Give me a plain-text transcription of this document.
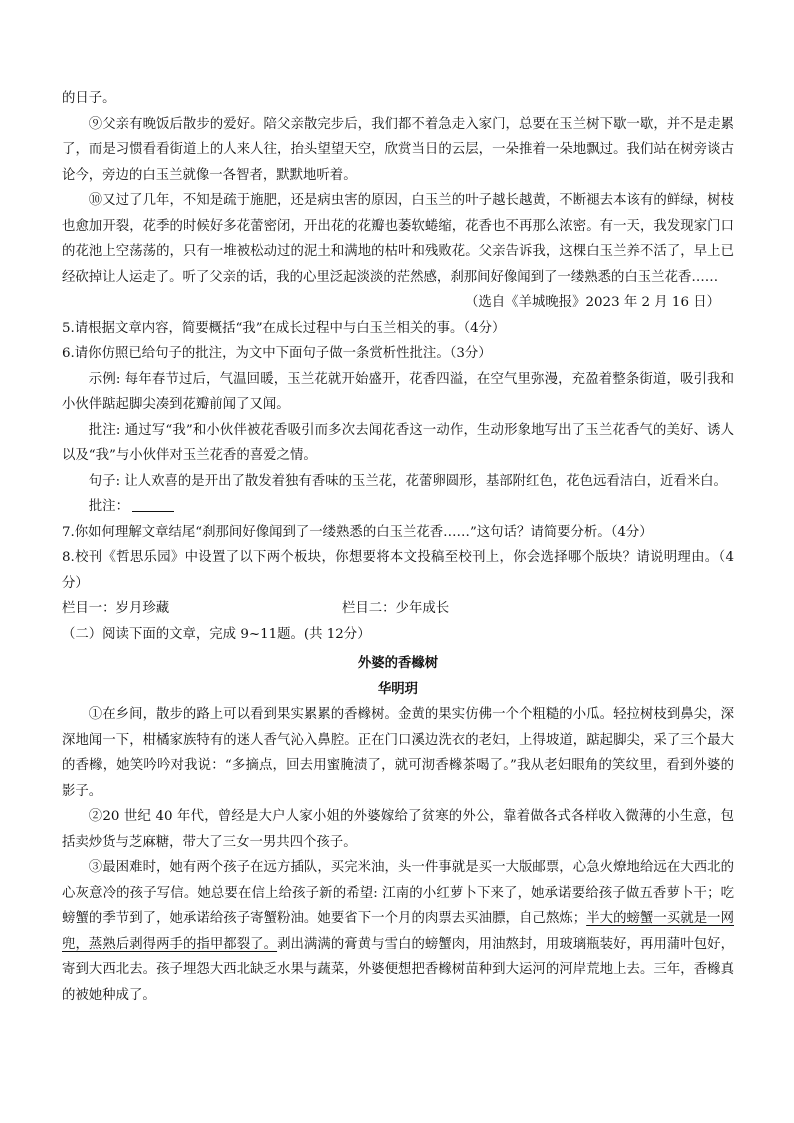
的日子。

⑨父亲有晚饭后散步的爱好。陪父亲散完步后，我们都不着急走入家门，总要在玉兰树下歇一歇，并不是走累了，而是习惯看看街道上的人来人往，抬头望望天空，欣赏当日的云层，一朵推着一朵地飘过。我们站在树旁谈古论今，旁边的白玉兰就像一各智者，默默地听着。

⑩又过了几年，不知是疏于施肥，还是病虫害的原因，白玉兰的叶子越长越黄，不断褪去本该有的鲜绿，树枝也愈加开裂，花季的时候好多花蕾密闭，开出花的花瓣也萎软蜷缩，花香也不再那么浓密。有一天，我发现家门口的花池上空荡荡的，只有一堆被松动过的泥土和满地的枯叶和残败花。父亲告诉我，这棵白玉兰养不活了，早上已经砍掉让人运走了。听了父亲的话，我的心里泛起淡淡的茫然感，刹那间好像闻到了一缕熟悉的白玉兰花香……

（选自《羊城晚报》2023 年 2 月 16 日）

5.请根据文章内容，简要概括“我”在成长过程中与白玉兰相关的事。（4分）

6.请你仿照已给句子的批注，为文中下面句子做一条赏析性批注。（3分）

示例: 每年春节过后，气温回暖，玉兰花就开始盛开，花香四溢，在空气里弥漫，充盈着整条街道，吸引我和小伙伴踮起脚尖凑到花瓣前闻了又闻。

批注: 通过写“我”和小伙伴被花香吸引而多次去闻花香这一动作，生动形象地写出了玉兰花香气的美好、诱人以及“我”与小伙伴对玉兰花香的喜爱之情。

句子: 让人欢喜的是开出了散发着独有香味的玉兰花，花蕾卵圆形，基部附红色，花色远看洁白，近看米白。

批注：

7.你如何理解文章结尾“刹那间好像闻到了一缕熟悉的白玉兰花香……”这句话？请简要分析。（4分）

8.校刊《哲思乐园》中设置了以下两个板块，你想要将本文投稿至校刊上，你会选择哪个版块？请说明理由。（4分）

栏目一：岁月珍藏	栏目二：少年成长

（二）阅读下面的文章，完成 9~11题。(共 12分）

外婆的香橼树

华明玥

①在乡间，散步的路上可以看到果实累累的香橼树。金黄的果实仿佛一个个粗糙的小瓜。轻拉树枝到鼻尖，深深地闻一下，柑橘家族特有的迷人香气沁入鼻腔。正在门口溪边洗衣的老妇，上得坡道，踮起脚尖，采了三个最大的香橼，她笑吟吟对我说：“多摘点，回去用蜜腌渍了，就可沏香橼茶喝了。”我从老妇眼角的笑纹里，看到外婆的影子。

②20 世纪 40 年代，曾经是大户人家小姐的外婆嫁给了贫寒的外公，靠着做各式各样收入微薄的小生意，包括卖炒货与芝麻糖，带大了三女一男共四个孩子。

③最困难时，她有两个孩子在远方插队，买完米油，头一件事就是买一大版邮票，心急火燎地给远在大西北的心灰意冷的孩子写信。她总要在信上给孩子新的希望: 江南的小红萝卜下来了，她承诺要给孩子做五香萝卜干；吃螃蟹的季节到了，她承诺给孩子寄蟹粉油。她要省下一个月的肉票去买油膘，自己熬炼；半大的螃蟹一买就是一网兜，蒸熟后剥得两手的指甲都裂了。剥出满满的膏黄与雪白的螃蟹肉，用油熬封，用玻璃瓶装好，再用蒲叶包好，寄到大西北去。孩子埋怨大西北缺乏水果与蔬菜，外婆便想把香橼树苗种到大运河的河岸荒地上去。三年，香橼真的被她种成了。
